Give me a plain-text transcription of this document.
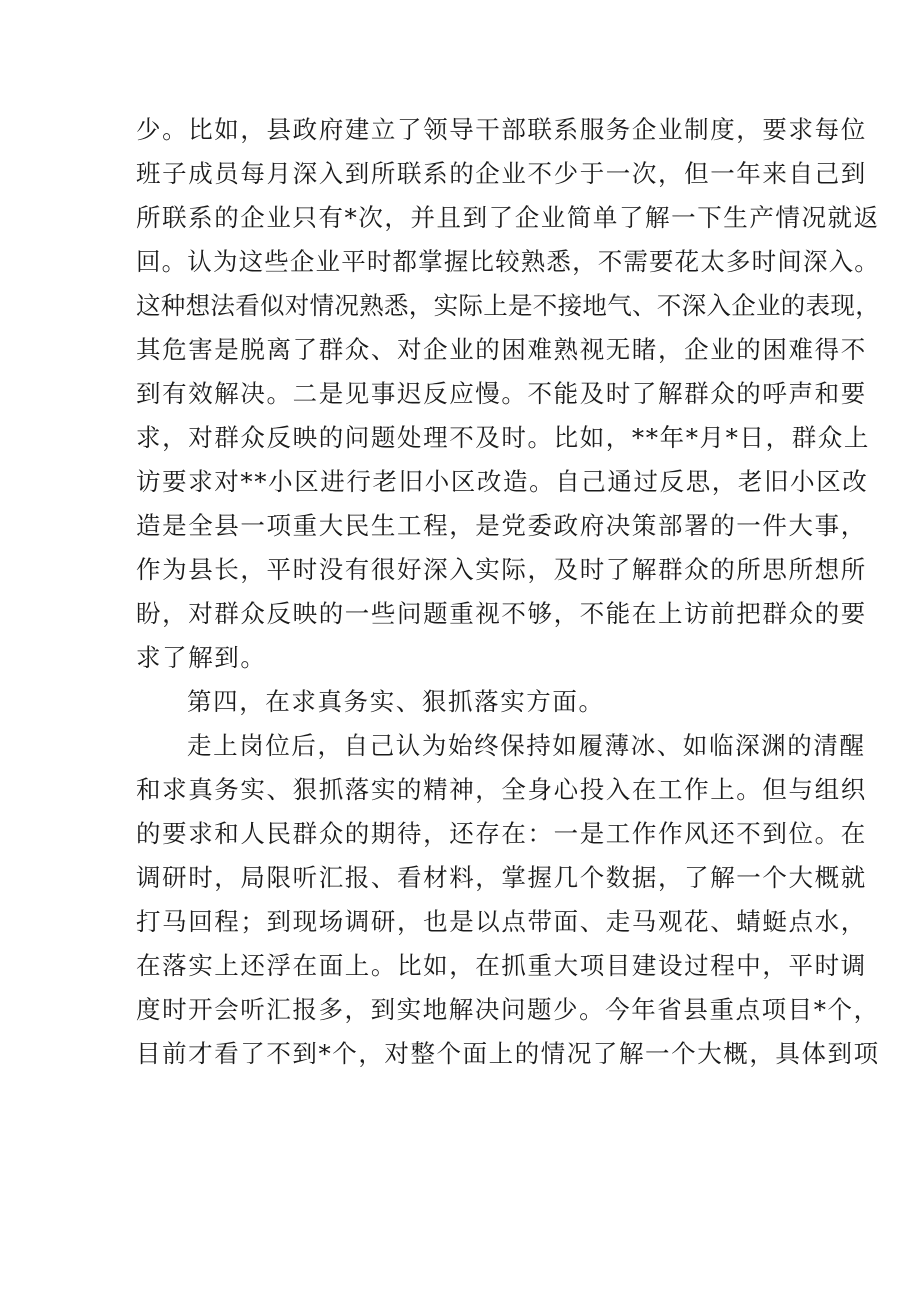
少。比如，县政府建立了领导干部联系服务企业制度，要求每位
班子成员每月深入到所联系的企业不少于一次，但一年来自己到
所联系的企业只有*次，并且到了企业简单了解一下生产情况就返
回。认为这些企业平时都掌握比较熟悉，不需要花太多时间深入。
这种想法看似对情况熟悉，实际上是不接地气、不深入企业的表现，
其危害是脱离了群众、对企业的困难熟视无睹，企业的困难得不
到有效解决。二是见事迟反应慢。不能及时了解群众的呼声和要
求，对群众反映的问题处理不及时。比如，**年*月*日，群众上
访要求对**小区进行老旧小区改造。自己通过反思，老旧小区改
造是全县一项重大民生工程，是党委政府决策部署的一件大事，
作为县长，平时没有很好深入实际，及时了解群众的所思所想所
盼，对群众反映的一些问题重视不够，不能在上访前把群众的要
求了解到。
第四，在求真务实、狠抓落实方面。
走上岗位后，自己认为始终保持如履薄冰、如临深渊的清醒
和求真务实、狠抓落实的精神，全身心投入在工作上。但与组织
的要求和人民群众的期待，还存在：一是工作作风还不到位。在
调研时，局限听汇报、看材料，掌握几个数据，了解一个大概就
打马回程；到现场调研，也是以点带面、走马观花、蜻蜓点水，
在落实上还浮在面上。比如，在抓重大项目建设过程中，平时调
度时开会听汇报多，到实地解决问题少。今年省县重点项目*个，
目前才看了不到*个，对整个面上的情况了解一个大概，具体到项
